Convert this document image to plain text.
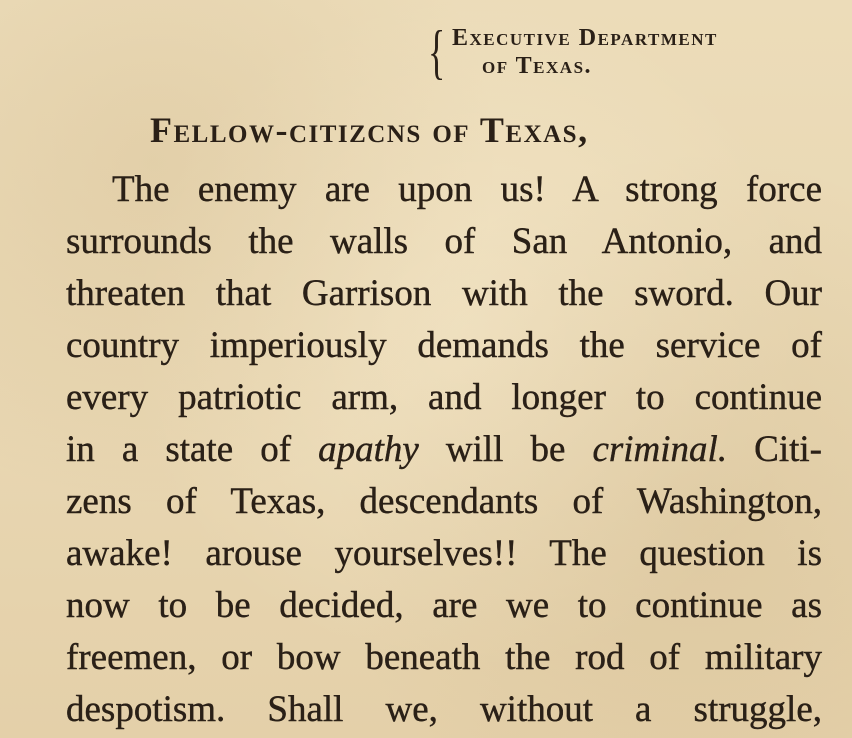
{ Executive Department
of Texas.
Fellow-citizcns of Texas,
The enemy are upon us! A strong force
surrounds the walls of San Antonio, and
threaten that Garrison with the sword. Our
country imperiously demands the service of
every patriotic arm, and longer to continue
in a state of apathy will be criminal. Citi-
zens of Texas, descendants of Washington,
awake! arouse yourselves!! The question is
now to be decided, are we to continue as
freemen, or bow beneath the rod of military
despotism. Shall we, without a struggle,
